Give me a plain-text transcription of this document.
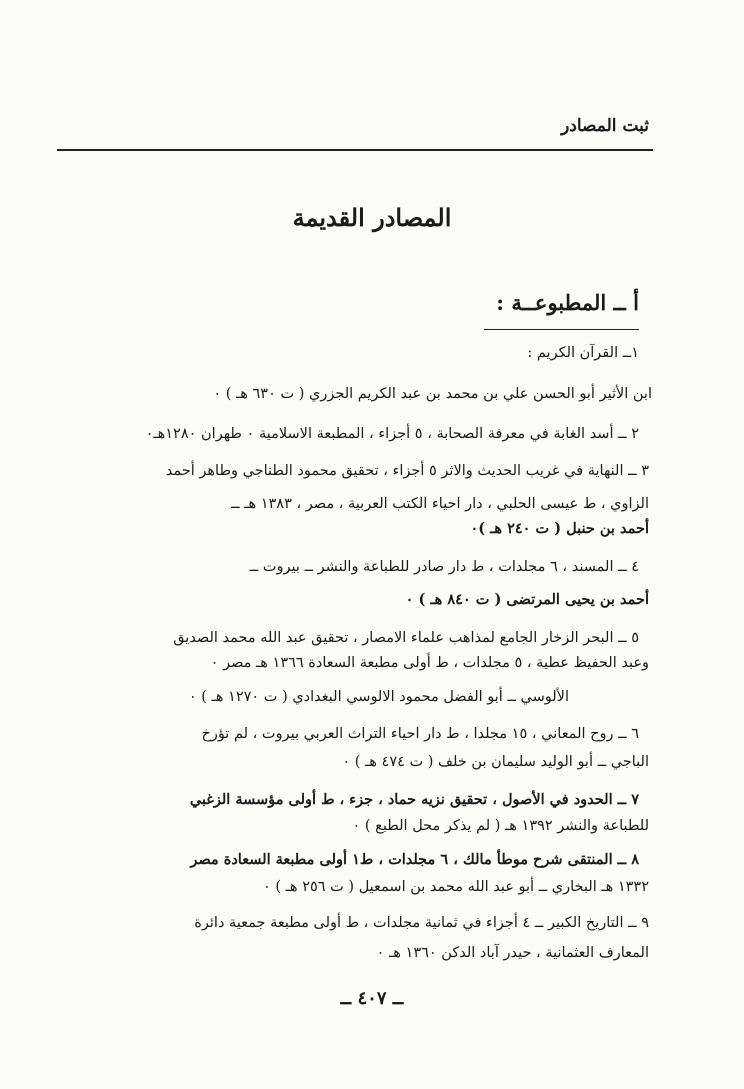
ثبت المصادر
المصادر القديمة
أ ــ المطبوعــة :
١ــ القرآن الكريم :
ابن الأثير أبو الحسن علي بن محمد بن عبد الكريم الجزري ( ت ٦٣٠ هـ ) ٠
٢ ــ أسد الغابة في معرفة الصحابة ، ٥ أجزاء ، المطبعة الاسلامية ٠ طهران ١٢٨٠هـ٠
٣ ــ النهاية في غريب الحديث والاثر ٥ أجزاء ، تحقيق محمود الطناجي وطاهر أحمد
الزاوي ، ط عيسى الحلبي ، دار احياء الكتب العربية ، مصر ، ١٣٨٣ هـ ــ
أحمد بن حنبل ( ت ٢٤٠ هـ )٠
٤ ــ المسند ، ٦ مجلدات ، ط دار صادر للطباعة والنشر ــ بيروت ــ
أحمد بن يحيى المرتضى ( ت ٨٤٠ هـ ) ٠
٥ ــ البحر الزخار الجامع لمذاهب علماء الامصار ، تحقيق عبد الله محمد الصديق
وعبد الحفيظ عطية ، ٥ مجلدات ، ط أولى مطبعة السعادة ١٣٦٦ هـ مصر ٠
الألوسي ــ أبو الفضل محمود الالوسي البغدادي ( ت ١٢٧٠ هـ ) ٠
٦ ــ روح المعاني ، ١٥ مجلدا ، ط دار احياء التراث العربي بيروت ، لم تؤرخ
الباجي ــ أبو الوليد سليمان بن خلف ( ت ٤٧٤ هـ ) ٠
٧ ــ الحدود في الأصول ، تحقيق نزيه حماد ، جزء ، ط أولى مؤسسة الزغبي
للطباعة والنشر ١٣٩٢ هـ ( لم يذكر محل الطبع ) ٠
٨ ــ المنتقى شرح موطأ مالك ، ٦ مجلدات ، ط١ أولى مطبعة السعادة مصر
١٣٣٢ هـ البخاري ــ أبو عبد الله محمد بن اسمعيل ( ت ٢٥٦ هـ ) ٠
٩ ــ التاريخ الكبير ــ ٤ أجزاء في ثمانية مجلدات ، ط أولى مطبعة جمعية دائرة
المعارف العثمانية ، حيدر آباد الدكن ١٣٦٠ هـ ٠
ــ ٤٠٧ ــ
